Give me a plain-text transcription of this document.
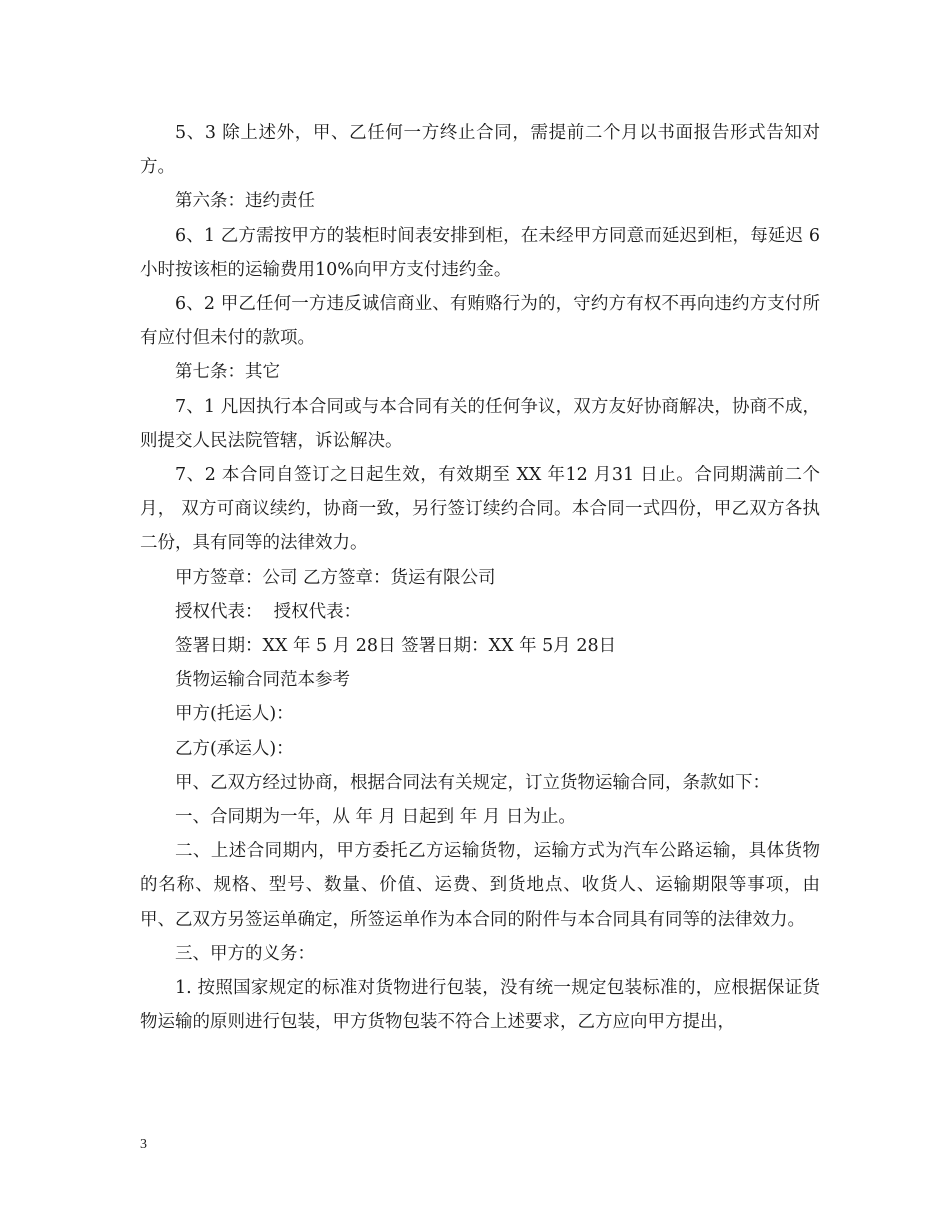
5、3 除上述外，甲、乙任何一方终止合同，需提前二个月以书面报告形式告知对方。

第六条：违约责任

6、1 乙方需按甲方的装柜时间表安排到柜，在未经甲方同意而延迟到柜，每延迟 6 小时按该柜的运输费用10%向甲方支付违约金。

6、2 甲乙任何一方违反诚信商业、有贿赂行为的，守约方有权不再向违约方支付所有应付但未付的款项。

第七条：其它

7、1 凡因执行本合同或与本合同有关的任何争议，双方友好协商解决，协商不成，则提交人民法院管辖，诉讼解决。

7、2 本合同自签订之日起生效，有效期至 XX 年12 月31 日止。合同期满前二个月， 双方可商议续约，协商一致，另行签订续约合同。本合同一式四份，甲乙双方各执二份，具有同等的法律效力。

甲方签章：公司 乙方签章：货运有限公司

授权代表：  授权代表：

签署日期：XX 年 5 月 28日 签署日期：XX 年 5月 28日

货物运输合同范本参考

甲方(托运人)：

乙方(承运人)：

甲、乙双方经过协商，根据合同法有关规定，订立货物运输合同，条款如下：

一、合同期为一年，从 年 月 日起到 年 月 日为止。

二、上述合同期内，甲方委托乙方运输货物，运输方式为汽车公路运输，具体货物的名称、规格、型号、数量、价值、运费、到货地点、收货人、运输期限等事项，由甲、乙双方另签运单确定，所签运单作为本合同的附件与本合同具有同等的法律效力。

三、甲方的义务：

1. 按照国家规定的标准对货物进行包装，没有统一规定包装标准的，应根据保证货物运输的原则进行包装，甲方货物包装不符合上述要求，乙方应向甲方提出，

3
